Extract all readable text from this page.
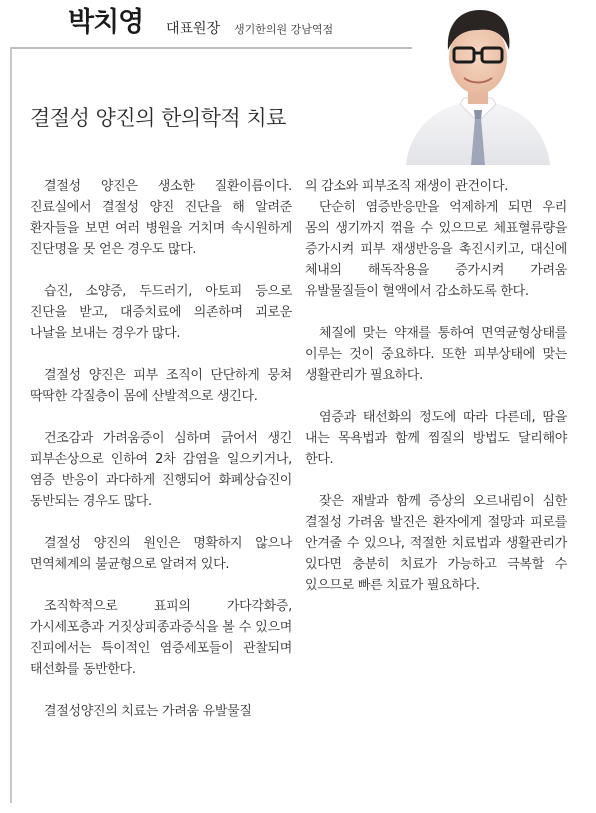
박치영 대표원장 생기한의원 강남역점
결절성 양진의 한의학적 치료

결절성 양진은 생소한 질환이름이다. 진료실에서 결절성 양진 진단을 해 알려준 환자들을 보면 여러 병원을 거치며 속시원하게 진단명을 못 얻은 경우도 많다.

습진, 소양증, 두드러기, 아토피 등으로 진단을 받고, 대증치료에 의존하며 괴로운 나날을 보내는 경우가 많다.

결절성 양진은 피부 조직이 단단하게 뭉쳐 딱딱한 각질층이 몸에 산발적으로 생긴다.

건조감과 가려움증이 심하며 긁어서 생긴 피부손상으로 인하여 2차 감염을 일으키거나, 염증 반응이 과다하게 진행되어 화폐상습진이 동반되는 경우도 많다.

결절성 양진의 원인은 명확하지 않으나 면역체계의 불균형으로 알려져 있다.

조직학적으로 표피의 가다각화증, 가시세포층과 거짓상피종과증식을 볼 수 있으며 진피에서는 특이적인 염증세포들이 관찰되며 태선화를 동반한다.

결절성양진의 치료는 가려움 유발물질

의 감소와 피부조직 재생이 관건이다.

단순히 염증반응만을 억제하게 되면 우리 몸의 생기까지 꺾을 수 있으므로 체표혈류량을 증가시켜 피부 재생반응을 촉진시키고, 대신에 체내의 해독작용을 증가시켜 가려움 유발물질들이 혈액에서 감소하도록 한다.

체질에 맞는 약재를 통하여 면역균형상태를 이루는 것이 중요하다. 또한 피부상태에 맞는 생활관리가 필요하다.

염증과 태선화의 정도에 따라 다른데, 땀을 내는 목욕법과 함께 찜질의 방법도 달리해야 한다.

잦은 재발과 함께 증상의 오르내림이 심한 결절성 가려움 발진은 환자에게 절망과 피로를 안겨줄 수 있으나, 적절한 치료법과 생활관리가 있다면 충분히 치료가 가능하고 극복할 수 있으므로 빠른 치료가 필요하다.
